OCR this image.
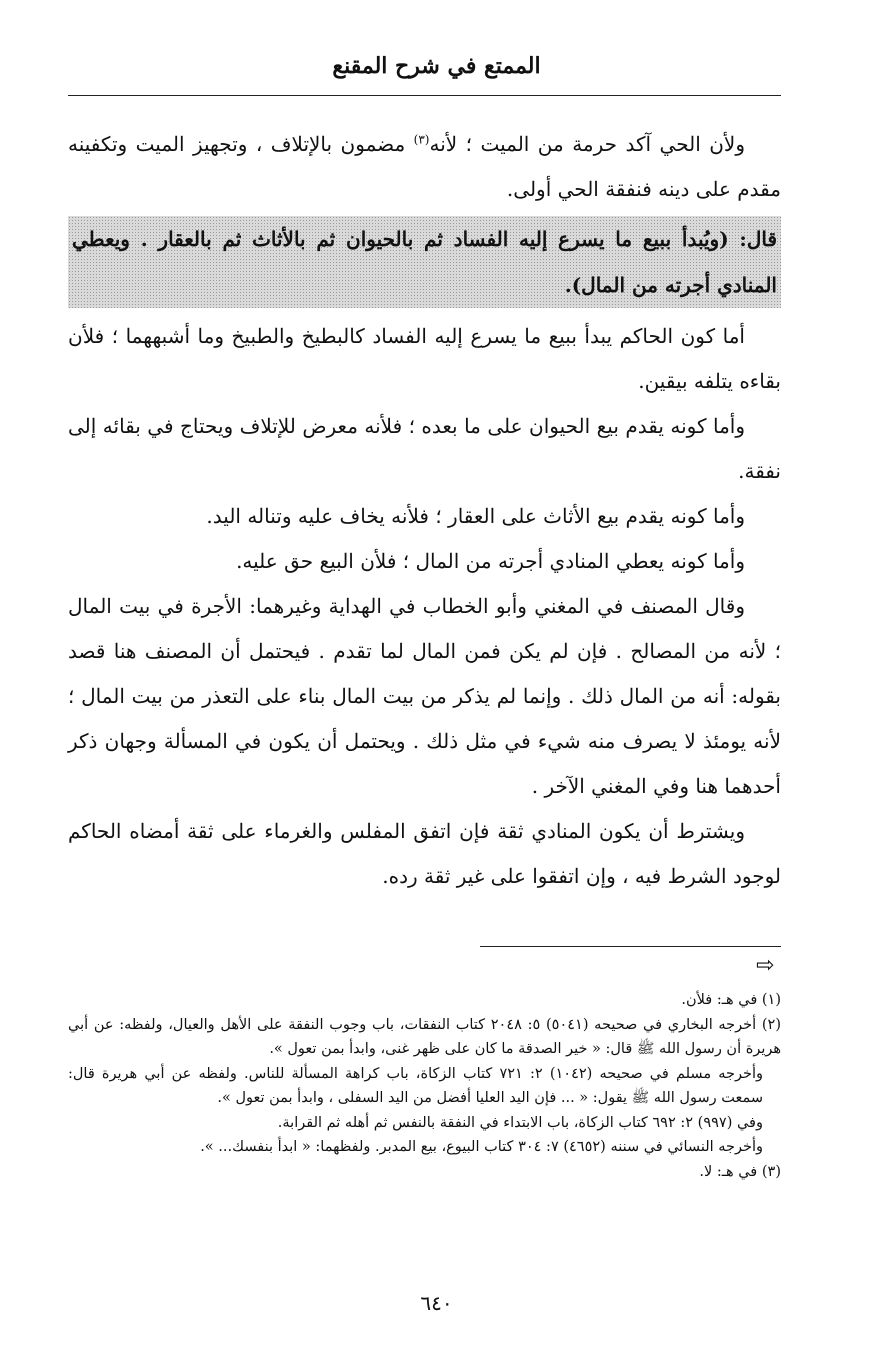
الممتع في شرح المقنع

ولأن الحي آكد حرمة من الميت ؛ لأنه$^{(٣)}$ مضمون بالإتلاف ، وتجهيز الميت وتكفينه مقدم على دينه فنفقة الحي أولى.

قال: (ويُبدأ ببيع ما يسرع إليه الفساد ثم بالحيوان ثم بالأثاث ثم بالعقار . ويعطي المنادي أجرته من المال).

أما كون الحاكم يبدأ ببيع ما يسرع إليه الفساد كالبطيخ والطبيخ وما أشبههما ؛ فلأن بقاءه يتلفه بيقين.

وأما كونه يقدم بيع الحيوان على ما بعده ؛ فلأنه معرض للإتلاف ويحتاج في بقائه إلى نفقة.

وأما كونه يقدم بيع الأثاث على العقار ؛ فلأنه يخاف عليه وتناله اليد.

وأما كونه يعطي المنادي أجرته من المال ؛ فلأن البيع حق عليه.

وقال المصنف في المغني وأبو الخطاب في الهداية وغيرهما: الأجرة في بيت المال ؛ لأنه من المصالح . فإن لم يكن فمن المال لما تقدم . فيحتمل أن المصنف هنا قصد بقوله: أنه من المال ذلك . وإنما لم يذكر من بيت المال بناء على التعذر من بيت المال ؛ لأنه يومئذ لا يصرف منه شيء في مثل ذلك . ويحتمل أن يكون في المسألة وجهان ذكر أحدهما هنا وفي المغني الآخر .

ويشترط أن يكون المنادي ثقة فإن اتفق المفلس والغرماء على ثقة أمضاه الحاكم لوجود الشرط فيه ، وإن اتفقوا على غير ثقة رده.

⇨

(١) في هـ: فلأن.

(٢) أخرجه البخاري في صحيحه (٥٠٤١) ٥: ٢٠٤٨ كتاب النفقات، باب وجوب النفقة على الأهل والعيال، ولفظه: عن أبي هريرة أن رسول الله ﷺ قال: « خير الصدقة ما كان على ظهر غنى، وابدأ بمن تعول ».

وأخرجه مسلم في صحيحه (١٠٤٢) ٢: ٧٢١ كتاب الزكاة، باب كراهة المسألة للناس. ولفظه عن أبي هريرة قال: سمعت رسول الله ﷺ يقول: « ... فإن اليد العليا أفضل من اليد السفلى ، وابدأ بمن تعول ».

وفي (٩٩٧) ٢: ٦٩٢ كتاب الزكاة، باب الابتداء في النفقة بالنفس ثم أهله ثم القرابة.

وأخرجه النسائي في سننه (٤٦٥٢) ٧: ٣٠٤ كتاب البيوع، بيع المدبر. ولفظهما: « ابدأ بنفسك... ».

(٣) في هـ: لا.

٦٤٠
